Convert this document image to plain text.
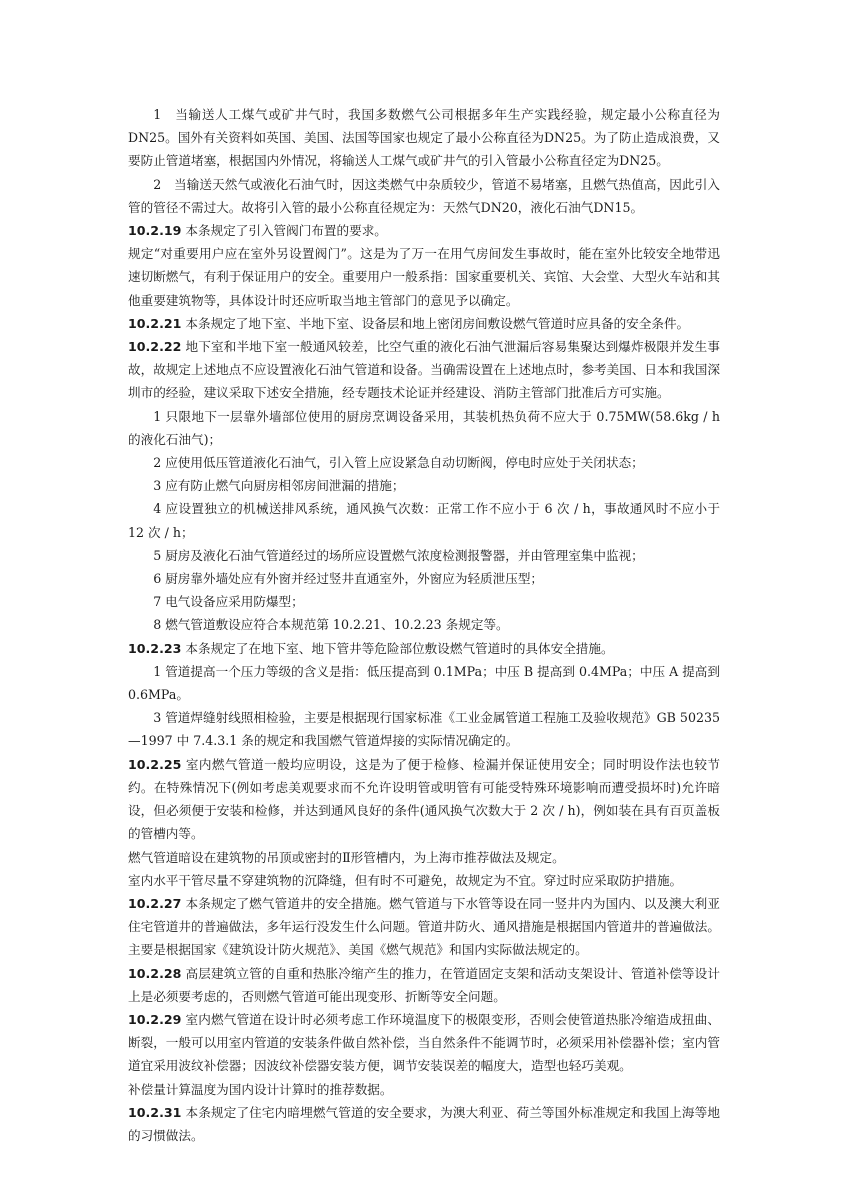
1　当输送人工煤气或矿井气时，我国多数燃气公司根据多年生产实践经验，规定最小公称直径为DN25。国外有关资料如英国、美国、法国等国家也规定了最小公称直径为DN25。为了防止造成浪费，又要防止管道堵塞，根据国内外情况，将输送人工煤气或矿井气的引入管最小公称直径定为DN25。

2　当输送天然气或液化石油气时，因这类燃气中杂质较少，管道不易堵塞，且燃气热值高，因此引入管的管径不需过大。故将引入管的最小公称直径规定为：天然气DN20，液化石油气DN15。

10.2.19 本条规定了引入管阀门布置的要求。

规定“对重要用户应在室外另设置阀门”。这是为了万一在用气房间发生事故时，能在室外比较安全地带迅速切断燃气，有利于保证用户的安全。重要用户一般系指：国家重要机关、宾馆、大会堂、大型火车站和其他重要建筑物等，具体设计时还应听取当地主管部门的意见予以确定。

10.2.21 本条规定了地下室、半地下室、设备层和地上密闭房间敷设燃气管道时应具备的安全条件。

10.2.22 地下室和半地下室一般通风较差，比空气重的液化石油气泄漏后容易集聚达到爆炸极限并发生事故，故规定上述地点不应设置液化石油气管道和设备。当确需设置在上述地点时，参考美国、日本和我国深圳市的经验，建议采取下述安全措施，经专题技术论证并经建设、消防主管部门批准后方可实施。

1 只限地下一层靠外墙部位使用的厨房烹调设备采用，其装机热负荷不应大于 0.75MW(58.6kg / h 的液化石油气)；

2 应使用低压管道液化石油气，引入管上应设紧急自动切断阀，停电时应处于关闭状态；

3 应有防止燃气向厨房相邻房间泄漏的措施；

4 应设置独立的机械送排风系统，通风换气次数：正常工作不应小于 6 次 / h，事故通风时不应小于 12 次 / h；

5 厨房及液化石油气管道经过的场所应设置燃气浓度检测报警器，并由管理室集中监视；

6 厨房靠外墙处应有外窗并经过竖井直通室外，外窗应为轻质泄压型；

7 电气设备应采用防爆型；

8 燃气管道敷设应符合本规范第 10.2.21、10.2.23 条规定等。

10.2.23 本条规定了在地下室、地下管井等危险部位敷设燃气管道时的具体安全措施。

1 管道提高一个压力等级的含义是指：低压提高到 0.1MPa；中压 B 提高到 0.4MPa；中压 A 提高到 0.6MPa。

3 管道焊缝射线照相检验，主要是根据现行国家标准《工业金属管道工程施工及验收规范》GB 50235—1997 中 7.4.3.1 条的规定和我国燃气管道焊接的实际情况确定的。

10.2.25 室内燃气管道一般均应明设，这是为了便于检修、检漏并保证使用安全；同时明设作法也较节约。在特殊情况下(例如考虑美观要求而不允许设明管或明管有可能受特殊环境影响而遭受损坏时)允许暗设，但必须便于安装和检修，并达到通风良好的条件(通风换气次数大于 2 次 / h)，例如装在具有百页盖板的管槽内等。

燃气管道暗设在建筑物的吊顶或密封的Ⅱ形管槽内，为上海市推荐做法及规定。

室内水平干管尽量不穿建筑物的沉降缝，但有时不可避免，故规定为不宜。穿过时应采取防护措施。

10.2.27 本条规定了燃气管道井的安全措施。燃气管道与下水管等设在同一竖井内为国内、以及澳大利亚住宅管道井的普遍做法，多年运行没发生什么问题。管道井防火、通风措施是根据国内管道井的普遍做法。主要是根据国家《建筑设计防火规范》、美国《燃气规范》和国内实际做法规定的。

10.2.28 高层建筑立管的自重和热胀冷缩产生的推力，在管道固定支架和活动支架设计、管道补偿等设计上是必须要考虑的，否则燃气管道可能出现变形、折断等安全问题。

10.2.29 室内燃气管道在设计时必须考虑工作环境温度下的极限变形，否则会使管道热胀冷缩造成扭曲、断裂，一般可以用室内管道的安装条件做自然补偿，当自然条件不能调节时，必须采用补偿器补偿；室内管道宜采用波纹补偿器；因波纹补偿器安装方便，调节安装误差的幅度大，造型也轻巧美观。

补偿量计算温度为国内设计计算时的推荐数据。

10.2.31 本条规定了住宅内暗埋燃气管道的安全要求，为澳大利亚、荷兰等国外标准规定和我国上海等地的习惯做法。
